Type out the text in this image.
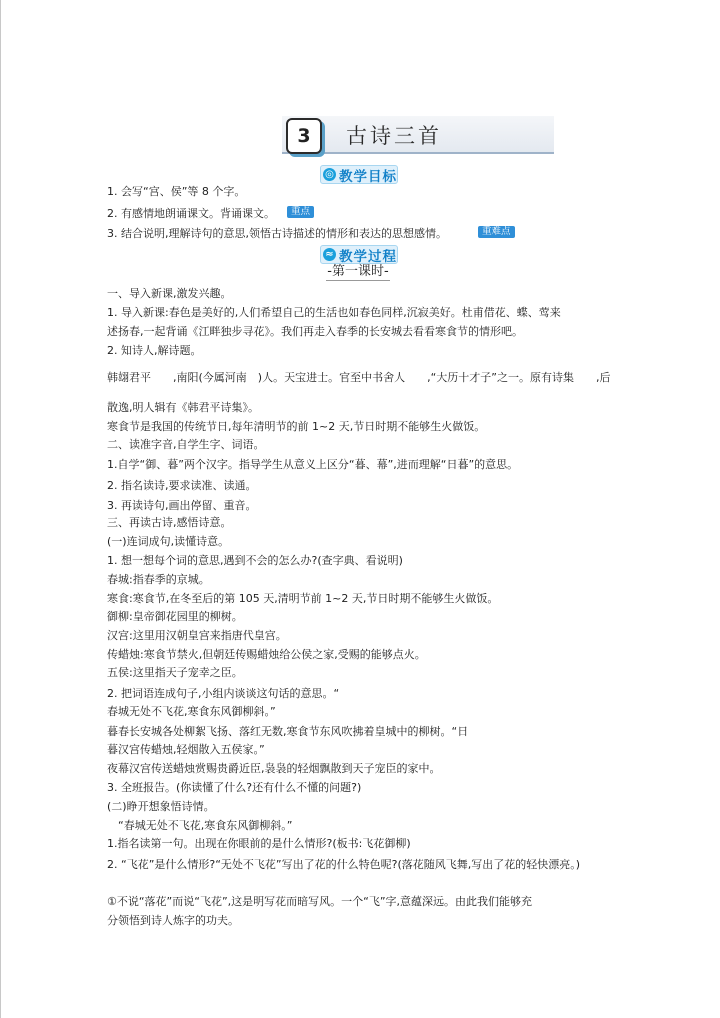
3	古诗三首
◎ 教学目标
1. 会写“宫、侯”等 8 个字。
2. 有感情地朗诵课文。背诵课文。	重点
3. 结合说明,理解诗句的意思,领悟古诗描述的情形和表达的思想感情。	重难点
≈ 教学过程
-第一课时-
一、导入新课,激发兴趣。
1. 导入新课:春色是美好的,人们希望自己的生活也如春色同样,沉寂美好。杜甫借花、蝶、莺来
述扬春,一起背诵《江畔独步寻花》。我们再走入春季的长安城去看看寒食节的情形吧。
2. 知诗人,解诗题。
韩翃君平　　,南阳(今属河南　)人。天宝进士。官至中书舍人　　,“大历十才子”之一。原有诗集　　,后
散逸,明人辑有《韩君平诗集》。
寒食节是我国的传统节日,每年清明节的前 1~2 天,节日时期不能够生火做饭。
二、读准字音,自学生字、词语。
1.自学“御、暮”两个汉字。指导学生从意义上区分“暮、幕”,进而理解“日暮”的意思。
2. 指名读诗,要求读准、读通。
3. 再读诗句,画出停留、重音。
三、再读古诗,感悟诗意。
(一)连词成句,读懂诗意。
1. 想一想每个词的意思,遇到不会的怎么办?(查字典、看说明)
春城:指春季的京城。
寒食:寒食节,在冬至后的第 105 天,清明节前 1~2 天,节日时期不能够生火做饭。
御柳:皇帝御花园里的柳树。
汉宫:这里用汉朝皇宫来指唐代皇宫。
传蜡烛:寒食节禁火,但朝廷传赐蜡烛给公侯之家,受赐的能够点火。
五侯:这里指天子宠幸之臣。
2. 把词语连成句子,小组内谈谈这句话的意思。“
春城无处不飞花,寒食东风御柳斜。”
暮春长安城各处柳絮飞扬、落红无数,寒食节东风吹拂着皇城中的柳树。“日
暮汉宫传蜡烛,轻烟散入五侯家。”
夜幕汉宫传送蜡烛赏赐贵爵近臣,袅袅的轻烟飘散到天子宠臣的家中。
3. 全班报告。(你读懂了什么?还有什么不懂的问题?)
(二)睁开想象悟诗情。
“春城无处不飞花,寒食东风御柳斜。”
1.指名读第一句。出现在你眼前的是什么情形?(板书:飞花御柳)
2. “飞花”是什么情形?“无处不飞花”写出了花的什么特色呢?(落花随风飞舞,写出了花的轻快漂亮。)
①不说“落花”而说“飞花”,这是明写花而暗写风。一个“飞”字,意蕴深远。由此我们能够充
分领悟到诗人炼字的功夫。
